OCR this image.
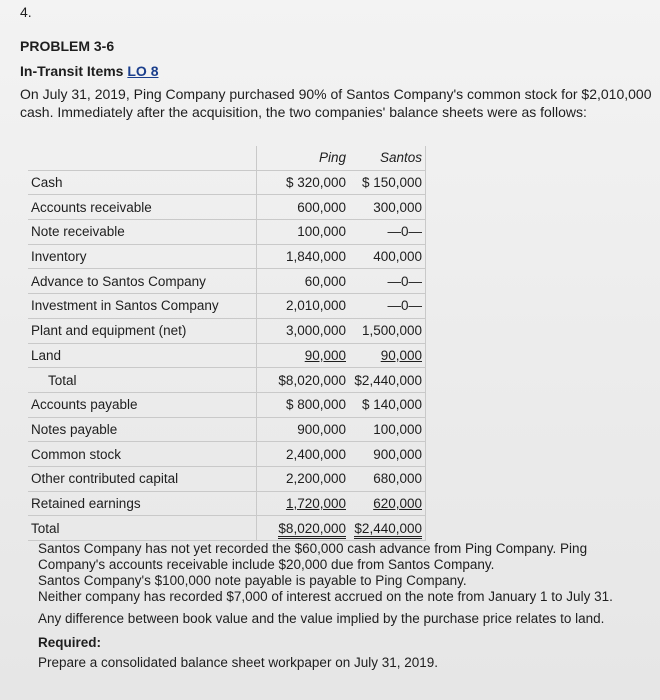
4.
PROBLEM 3-6
In-Transit Items LO 8
On July 31, 2019, Ping Company purchased 90% of Santos Company's common stock for $2,010,000 cash. Immediately after the acquisition, the two companies' balance sheets were as follows:
	Ping	Santos
Cash	$ 320,000	$ 150,000
Accounts receivable	600,000	300,000
Note receivable	100,000	—0—
Inventory	1,840,000	400,000
Advance to Santos Company	60,000	—0—
Investment in Santos Company	2,010,000	—0—
Plant and equipment (net)	3,000,000	1,500,000
Land	90,000	90,000
Total	$8,020,000	$2,440,000
Accounts payable	$ 800,000	$ 140,000
Notes payable	900,000	100,000
Common stock	2,400,000	900,000
Other contributed capital	2,200,000	680,000
Retained earnings	1,720,000	620,000
Total	$8,020,000	$2,440,000

Santos Company has not yet recorded the $60,000 cash advance from Ping Company. Ping Company's accounts receivable include $20,000 due from Santos Company.

Santos Company's $100,000 note payable is payable to Ping Company.

Neither company has recorded $7,000 of interest accrued on the note from January 1 to July 31.

Any difference between book value and the value implied by the purchase price relates to land.

Required:

Prepare a consolidated balance sheet workpaper on July 31, 2019.
